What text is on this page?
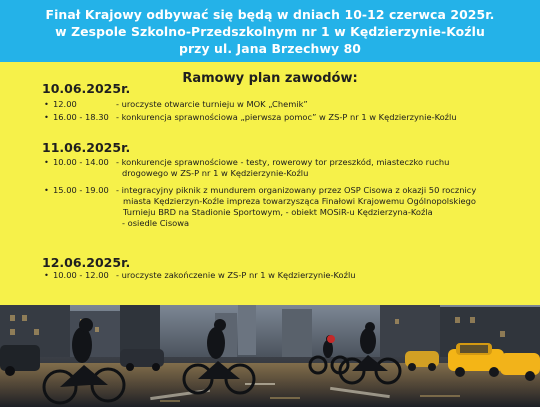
Finał Krajowy odbywać się będą w dniach 10-12 czerwca 2025r.
w Zespole Szkolno-Przedszkolnym nr 1 w Kędzierzynie-Koźlu
przy ul. Jana Brzechwy 80
Ramowy plan zawodów:
10.06.2025r.
• 12.00	- uroczyste otwarcie turnieju w MOK „Chemik”
• 16.00 - 18.30 - konkurencja sprawnościowa „pierwsza pomoc” w ZS-P nr 1 w Kędzierzynie-Koźlu
11.06.2025r.
• 10.00 - 14.00 - konkurencje sprawnościowe - testy, rowerowy tor przeszkód, miasteczko ruchu
drogowego w ZS-P nr 1 w Kędzierzynie-Koźlu
• 15.00 - 19.00 - integracyjny piknik z mundurem organizowany przez OSP Cisowa z okazji 50 rocznicy
miasta Kędzierzyn-Koźle impreza towarzysząca Finałowi Krajowemu Ogólnopolskiego
Turnieju BRD na Stadionie Sportowym, - obiekt MOSiR-u Kędzierzyna-Koźla
- osiedle Cisowa
12.06.2025r.
• 10.00 - 12.00 - uroczyste zakończenie w ZS-P nr 1 w Kędzierzynie-Koźlu
